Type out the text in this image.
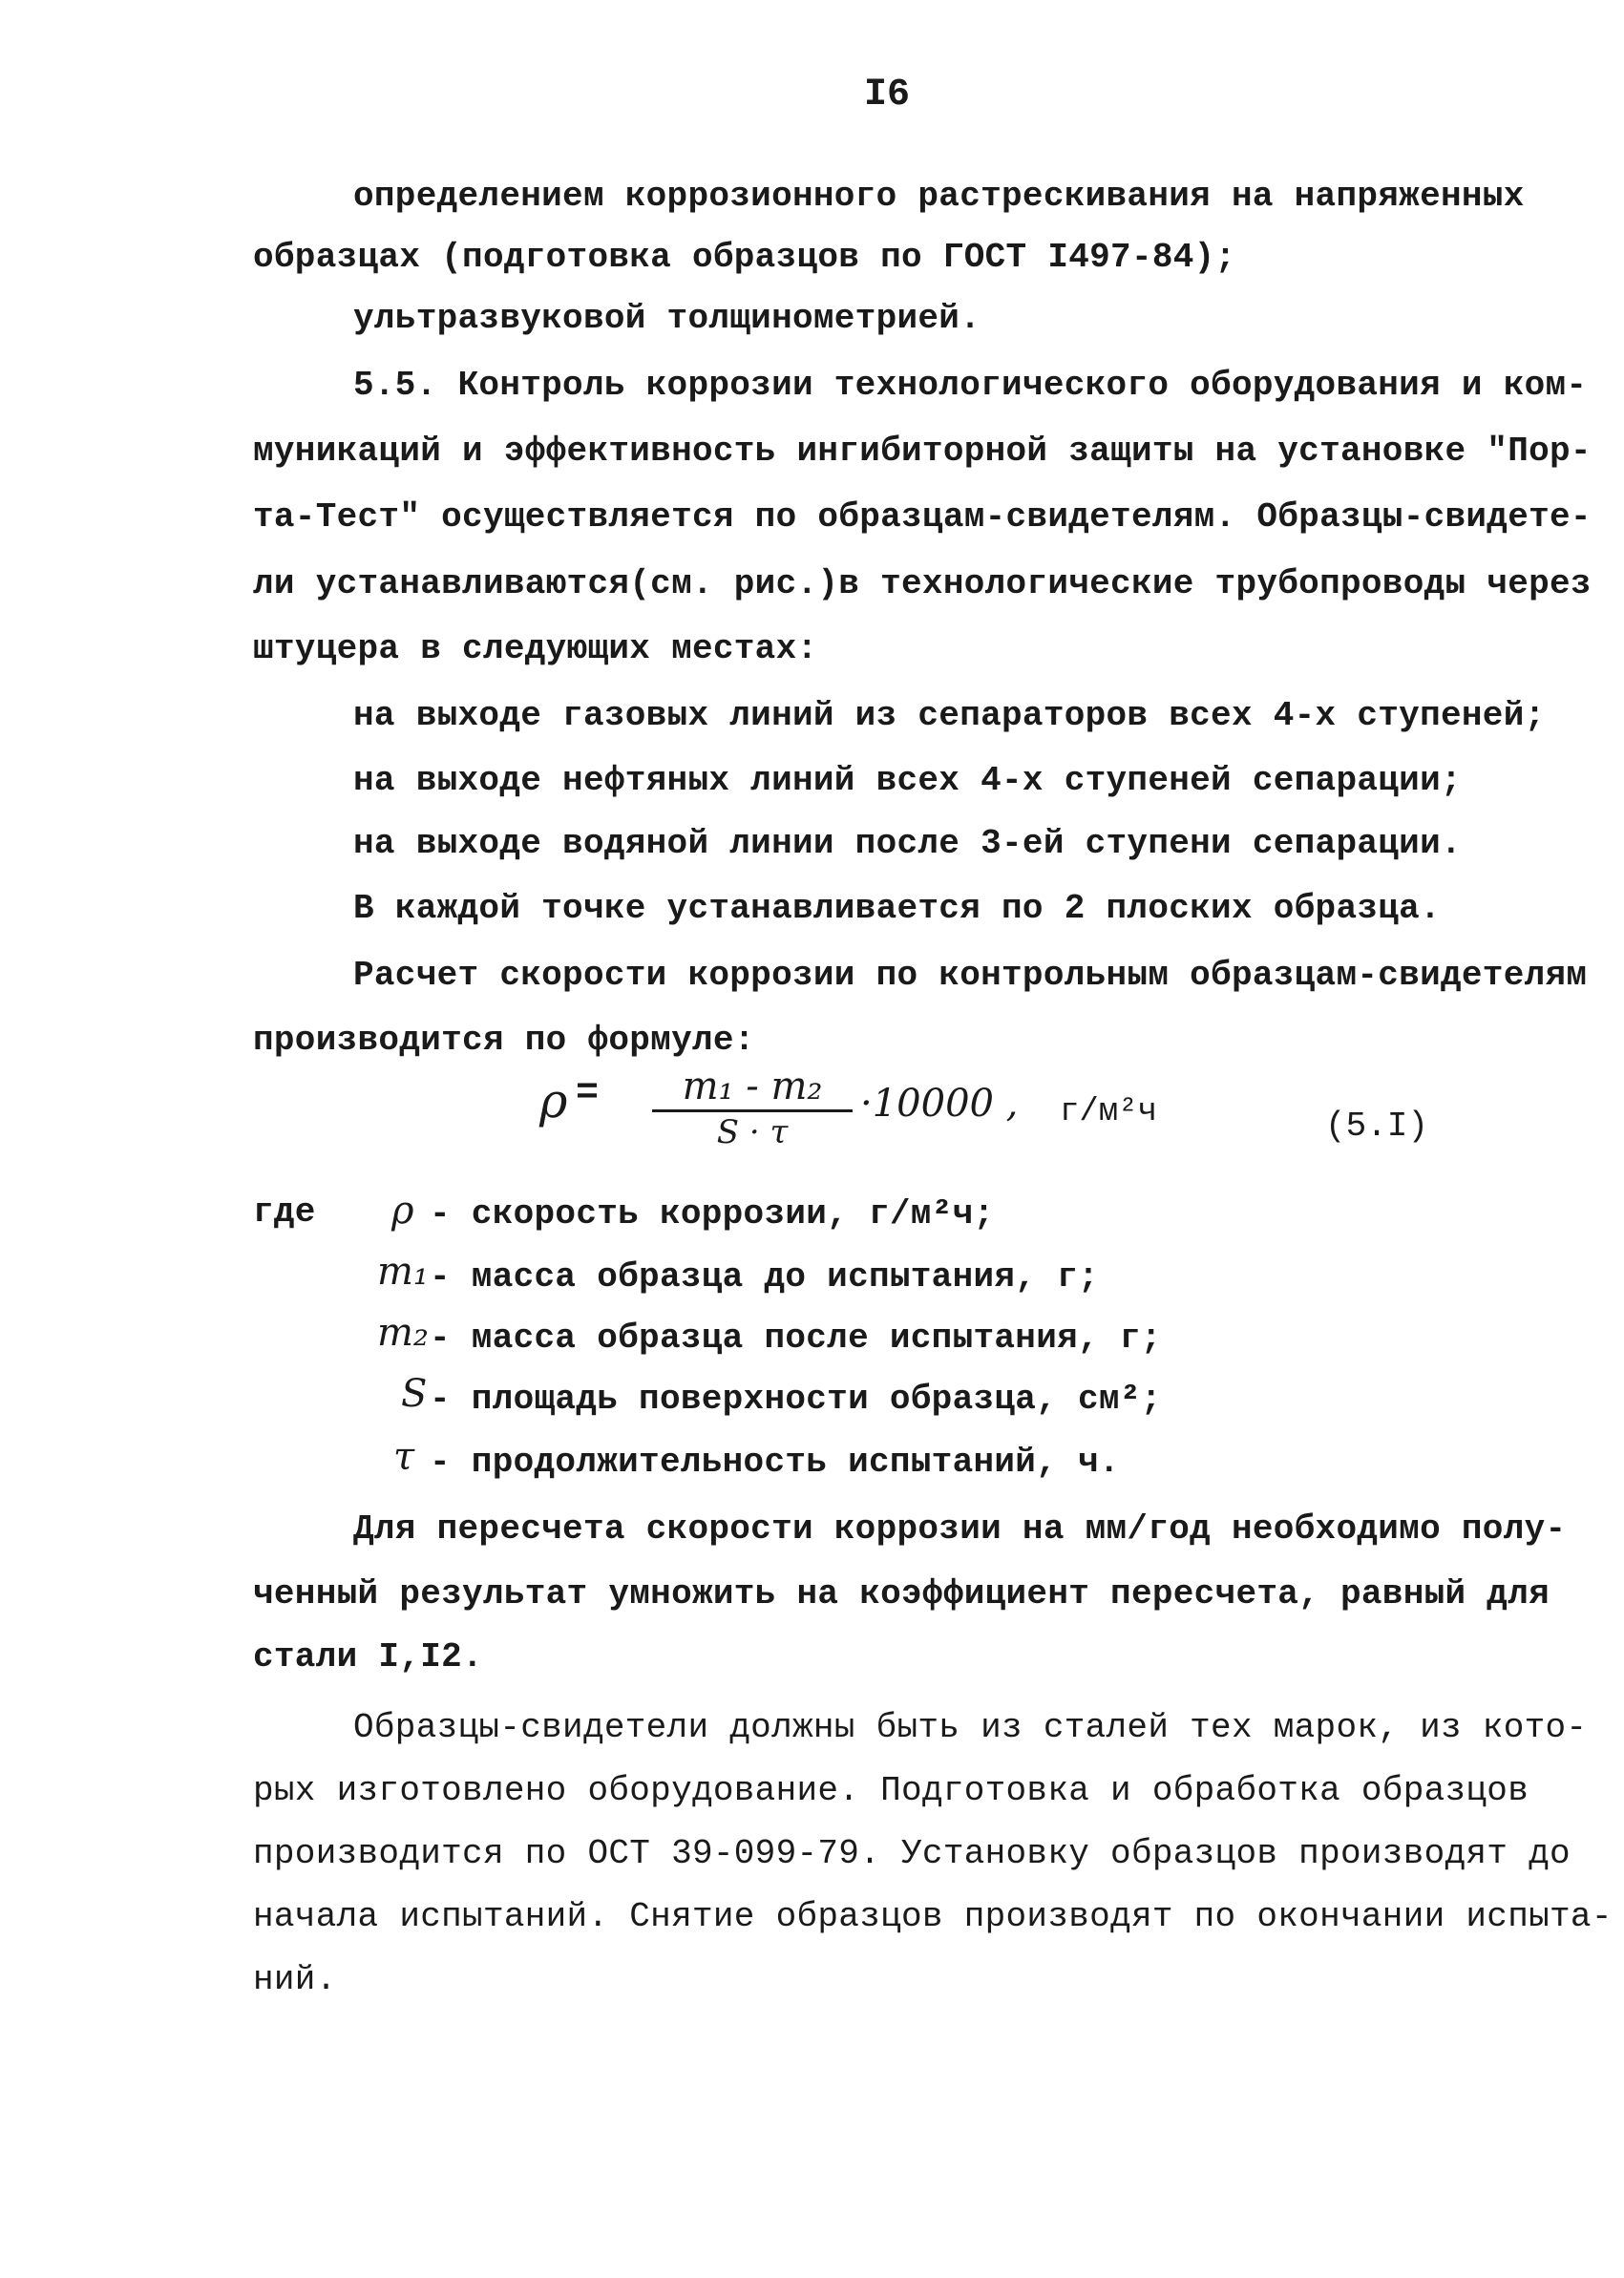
I6
определением коррозионного растрескивания на напряженных
образцах (подготовка образцов по ГОСТ I497-84);
ультразвуковой толщинометрией.
5.5. Контроль коррозии технологического оборудования и ком-
муникаций и эффективность ингибиторной защиты на установке "Пор-
та-Тест" осуществляется по образцам-свидетелям. Образцы-свидете-
ли устанавливаются(см. рис.)в технологические трубопроводы через
штуцера в следующих местах:
на выходе газовых линий из сепараторов всех 4-х ступеней;
на выходе нефтяных линий всех 4-х ступеней сепарации;
на выходе водяной линии после 3-ей ступени сепарации.
В каждой точке устанавливается по 2 плоских образца.
Расчет скорости коррозии по контрольным образцам-свидетелям
производится по формуле:
ρ =	m₁ - m₂
S · τ
·10000 , г/м²ч	(5.I)
где ρ - скорость коррозии, г/м²ч;
m₁ - масса образца до испытания, г;
m₂ - масса образца после испытания, г;
S - площадь поверхности образца, см²;
τ - продолжительность испытаний, ч.
Для пересчета скорости коррозии на мм/год необходимо полу-
ченный результат умножить на коэффициент пересчета, равный для
стали I,I2.
Образцы-свидетели должны быть из сталей тех марок, из кото-
рых изготовлено оборудование. Подготовка и обработка образцов
производится по ОСТ 39-099-79. Установку образцов производят до
начала испытаний. Снятие образцов производят по окончании испыта-
ний.
